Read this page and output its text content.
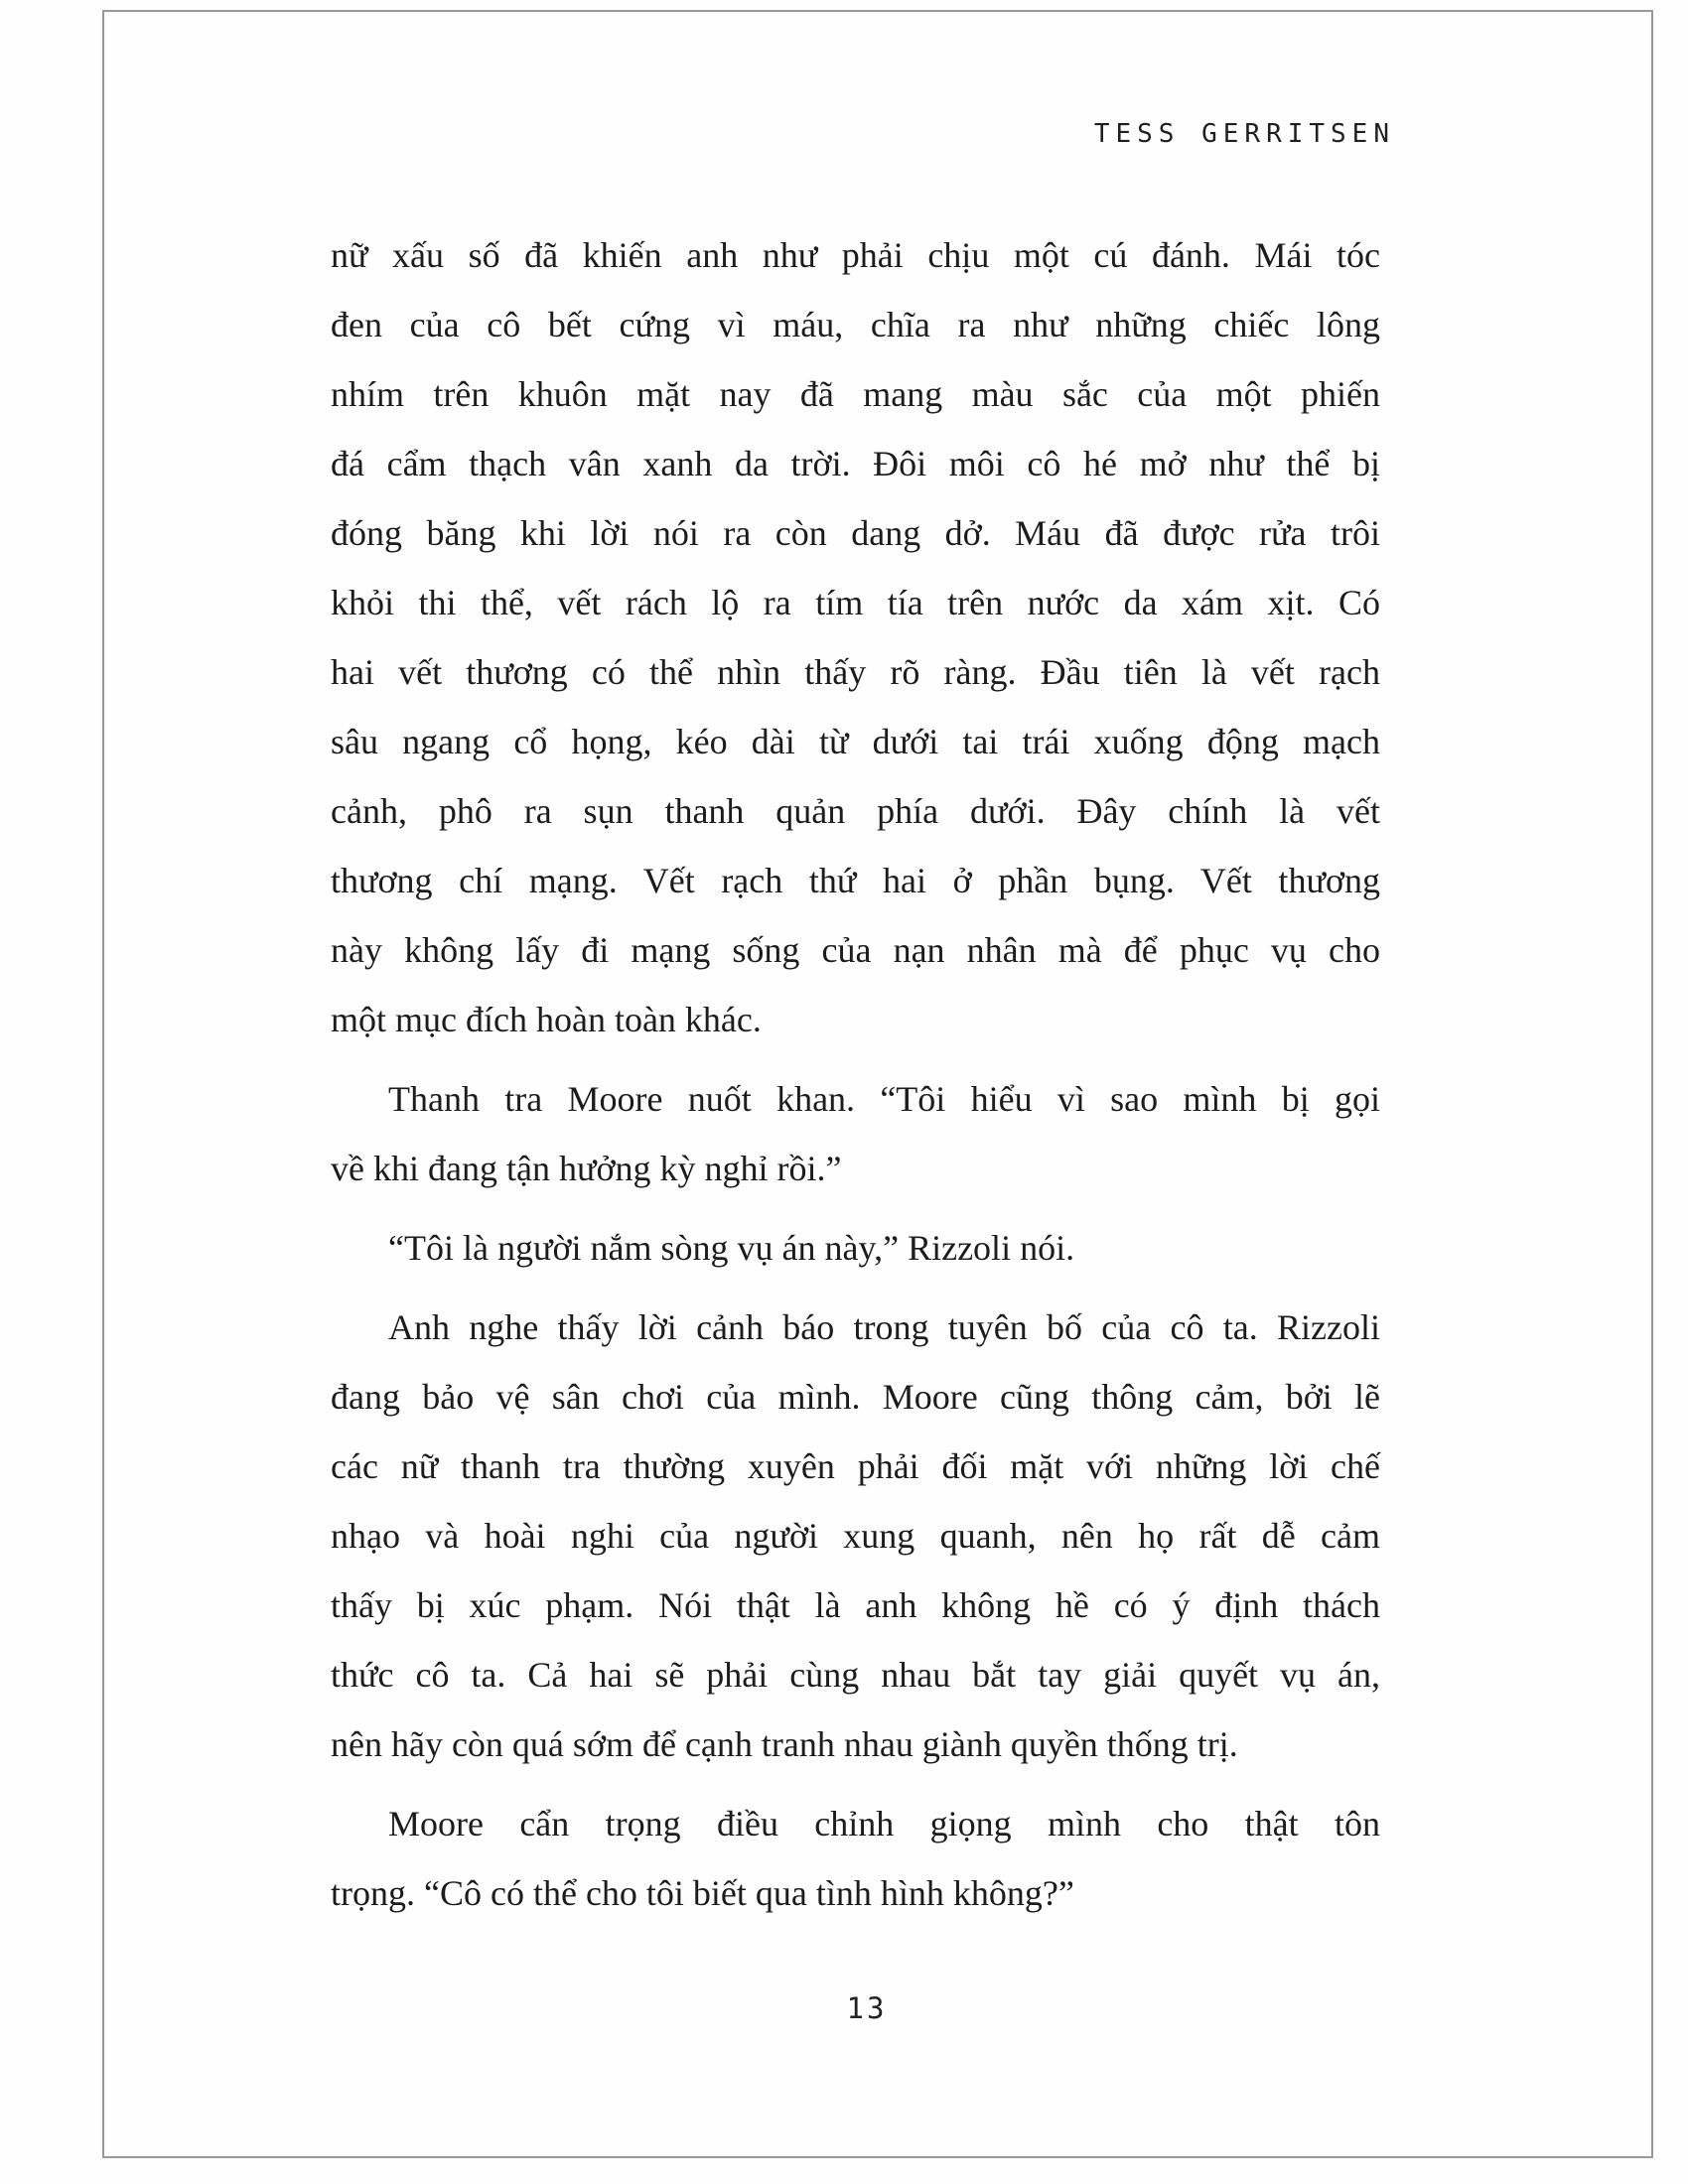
TESS GERRITSEN
nữ xấu số đã khiến anh như phải chịu một cú đánh. Mái tóc
đen của cô bết cứng vì máu, chĩa ra như những chiếc lông
nhím trên khuôn mặt nay đã mang màu sắc của một phiến
đá cẩm thạch vân xanh da trời. Đôi môi cô hé mở như thể bị
đóng băng khi lời nói ra còn dang dở. Máu đã được rửa trôi
khỏi thi thể, vết rách lộ ra tím tía trên nước da xám xịt. Có
hai vết thương có thể nhìn thấy rõ ràng. Đầu tiên là vết rạch
sâu ngang cổ họng, kéo dài từ dưới tai trái xuống động mạch
cảnh, phô ra sụn thanh quản phía dưới. Đây chính là vết
thương chí mạng. Vết rạch thứ hai ở phần bụng. Vết thương
này không lấy đi mạng sống của nạn nhân mà để phục vụ cho
một mục đích hoàn toàn khác.
Thanh tra Moore nuốt khan. “Tôi hiểu vì sao mình bị gọi
về khi đang tận hưởng kỳ nghỉ rồi.”
“Tôi là người nắm sòng vụ án này,” Rizzoli nói.
Anh nghe thấy lời cảnh báo trong tuyên bố của cô ta. Rizzoli
đang bảo vệ sân chơi của mình. Moore cũng thông cảm, bởi lẽ
các nữ thanh tra thường xuyên phải đối mặt với những lời chế
nhạo và hoài nghi của người xung quanh, nên họ rất dễ cảm
thấy bị xúc phạm. Nói thật là anh không hề có ý định thách
thức cô ta. Cả hai sẽ phải cùng nhau bắt tay giải quyết vụ án,
nên hãy còn quá sớm để cạnh tranh nhau giành quyền thống trị.
Moore cẩn trọng điều chỉnh giọng mình cho thật tôn
trọng. “Cô có thể cho tôi biết qua tình hình không?”
13
